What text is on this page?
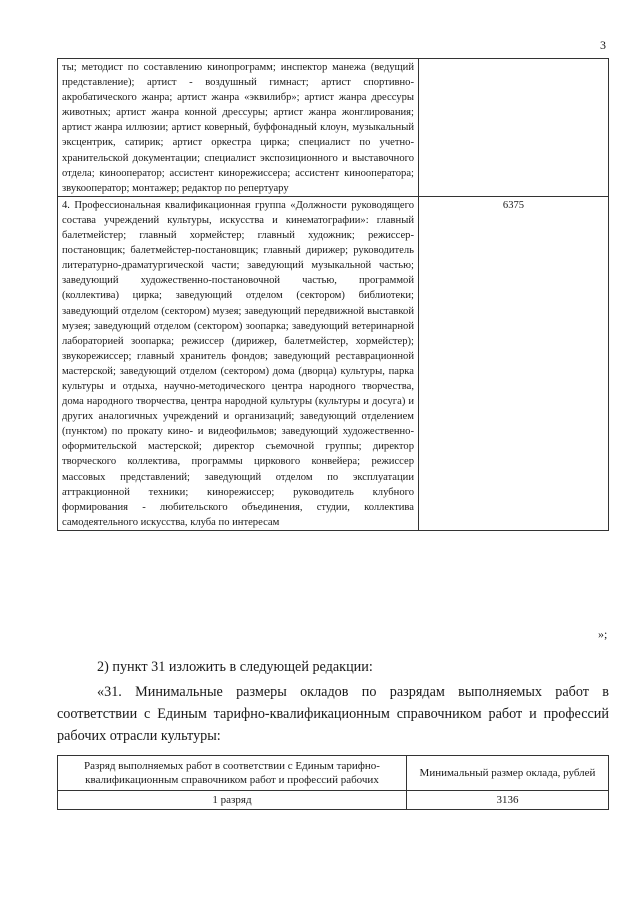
3
ты; методист по составлению кинопрограмм; инспектор манежа (ведущий представление); артист - воздушный гимнаст; артист спортивно-акробатического жанра; артист жанра «эквилибр»; артист жанра дрессуры животных; артист жанра конной дрессуры; артист жанра жонглирования; артист жанра иллюзии; артист коверный, буффонадный клоун, музыкальный эксцентрик, сатирик; артист оркестра цирка; специалист по учетно-хранительской документации; специалист экспозиционного и выставочного отдела; кинооператор; ассистент кинорежиссера; ассистент кинооператора; звукооператор; монтажер; редактор по репертуару	
4. Профессиональная квалификационная группа «Должности руководящего состава учреждений культуры, искусства и кинематографии»: главный балетмейстер; главный хормейстер; главный художник; режиссер-постановщик; балетмейстер-постановщик; главный дирижер; руководитель литературно-драматургической части; заведующий музыкальной частью; заведующий художественно-постановочной частью, программой (коллектива) цирка; заведующий отделом (сектором) библиотеки; заведующий отделом (сектором) музея; заведующий передвижной выставкой музея; заведующий отделом (сектором) зоопарка; заведующий ветеринарной лабораторией зоопарка; режиссер (дирижер, балетмейстер, хормейстер); звукорежиссер; главный хранитель фондов; заведующий реставрационной мастерской; заведующий отделом (сектором) дома (дворца) культуры, парка культуры и отдыха, научно-методического центра народного творчества, дома народного творчества, центра народной культуры (культуры и досуга) и других аналогичных учреждений и организаций; заведующий отделением (пунктом) по прокату кино- и видеофильмов; заведующий художественно-оформительской мастерской; директор съемочной группы; директор творческого коллектива, программы циркового конвейера; режиссер массовых представлений; заведующий отделом по эксплуатации аттракционной техники; кинорежиссер; руководитель клубного формирования - любительского объединения, студии, коллектива самодеятельного искусства, клуба по интересам	6375
»;
2) пункт 31 изложить в следующей редакции:
«31. Минимальные размеры окладов по разрядам выполняемых работ в соответствии с Единым тарифно-квалификационным справочником работ и профессий рабочих отрасли культуры:
Разряд выполняемых работ в соответствии с Единым тарифно-квалификационным справочником работ и профессий рабочих	Минимальный размер оклада, рублей
1 разряд	3136
